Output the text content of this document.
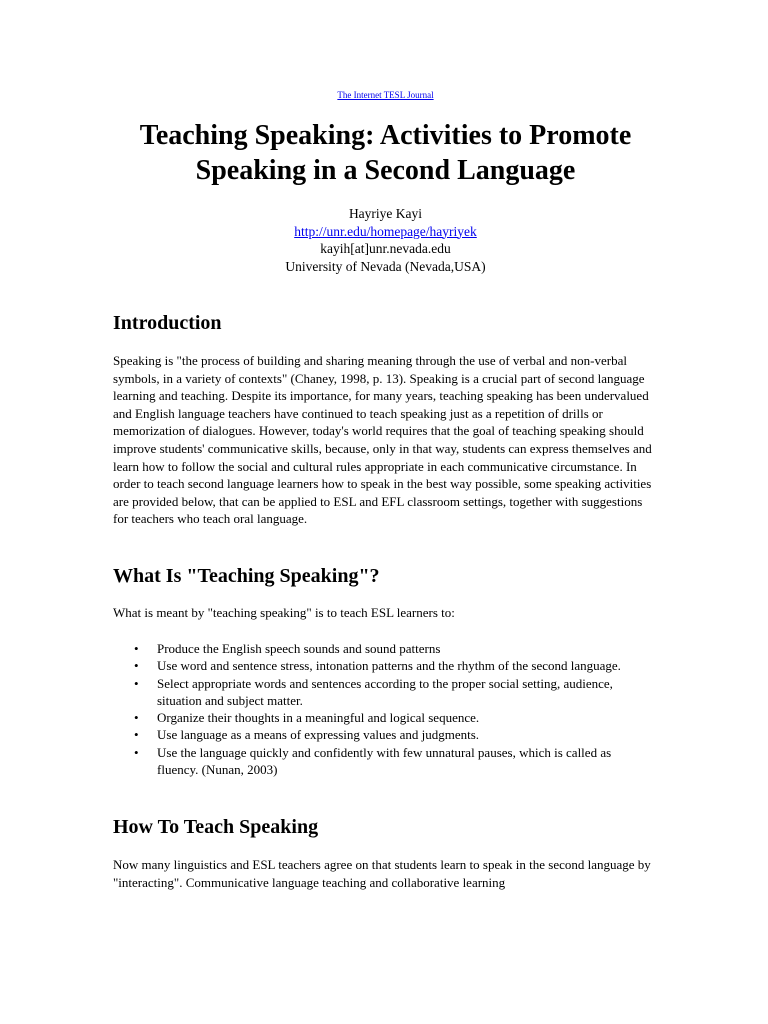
The Internet TESL Journal
Teaching Speaking: Activities to Promote
Speaking in a Second Language
Hayriye Kayi
http://unr.edu/homepage/hayriyek
kayih[at]unr.nevada.edu
University of Nevada (Nevada,USA)
Introduction

Speaking is "the process of building and sharing meaning through the use of verbal and non-verbal symbols, in a variety of contexts" (Chaney, 1998, p. 13). Speaking is a crucial part of second language learning and teaching. Despite its importance, for many years, teaching speaking has been undervalued and English language teachers have continued to teach speaking just as a repetition of drills or memorization of dialogues. However, today's world requires that the goal of teaching speaking should improve students' communicative skills, because, only in that way, students can express themselves and learn how to follow the social and cultural rules appropriate in each communicative circumstance. In order to teach second language learners how to speak in the best way possible, some speaking activities are provided below, that can be applied to ESL and EFL classroom settings, together with suggestions for teachers who teach oral language.

What Is "Teaching Speaking"?

What is meant by "teaching speaking" is to teach ESL learners to:

• Produce the English speech sounds and sound patterns
• Use word and sentence stress, intonation patterns and the rhythm of the second language.
• Select appropriate words and sentences according to the proper social setting, audience, situation and subject matter.
• Organize their thoughts in a meaningful and logical sequence.
• Use language as a means of expressing values and judgments.
• Use the language quickly and confidently with few unnatural pauses, which is called as fluency. (Nunan, 2003)
How To Teach Speaking

Now many linguistics and ESL teachers agree on that students learn to speak in the second language by "interacting". Communicative language teaching and collaborative learning
